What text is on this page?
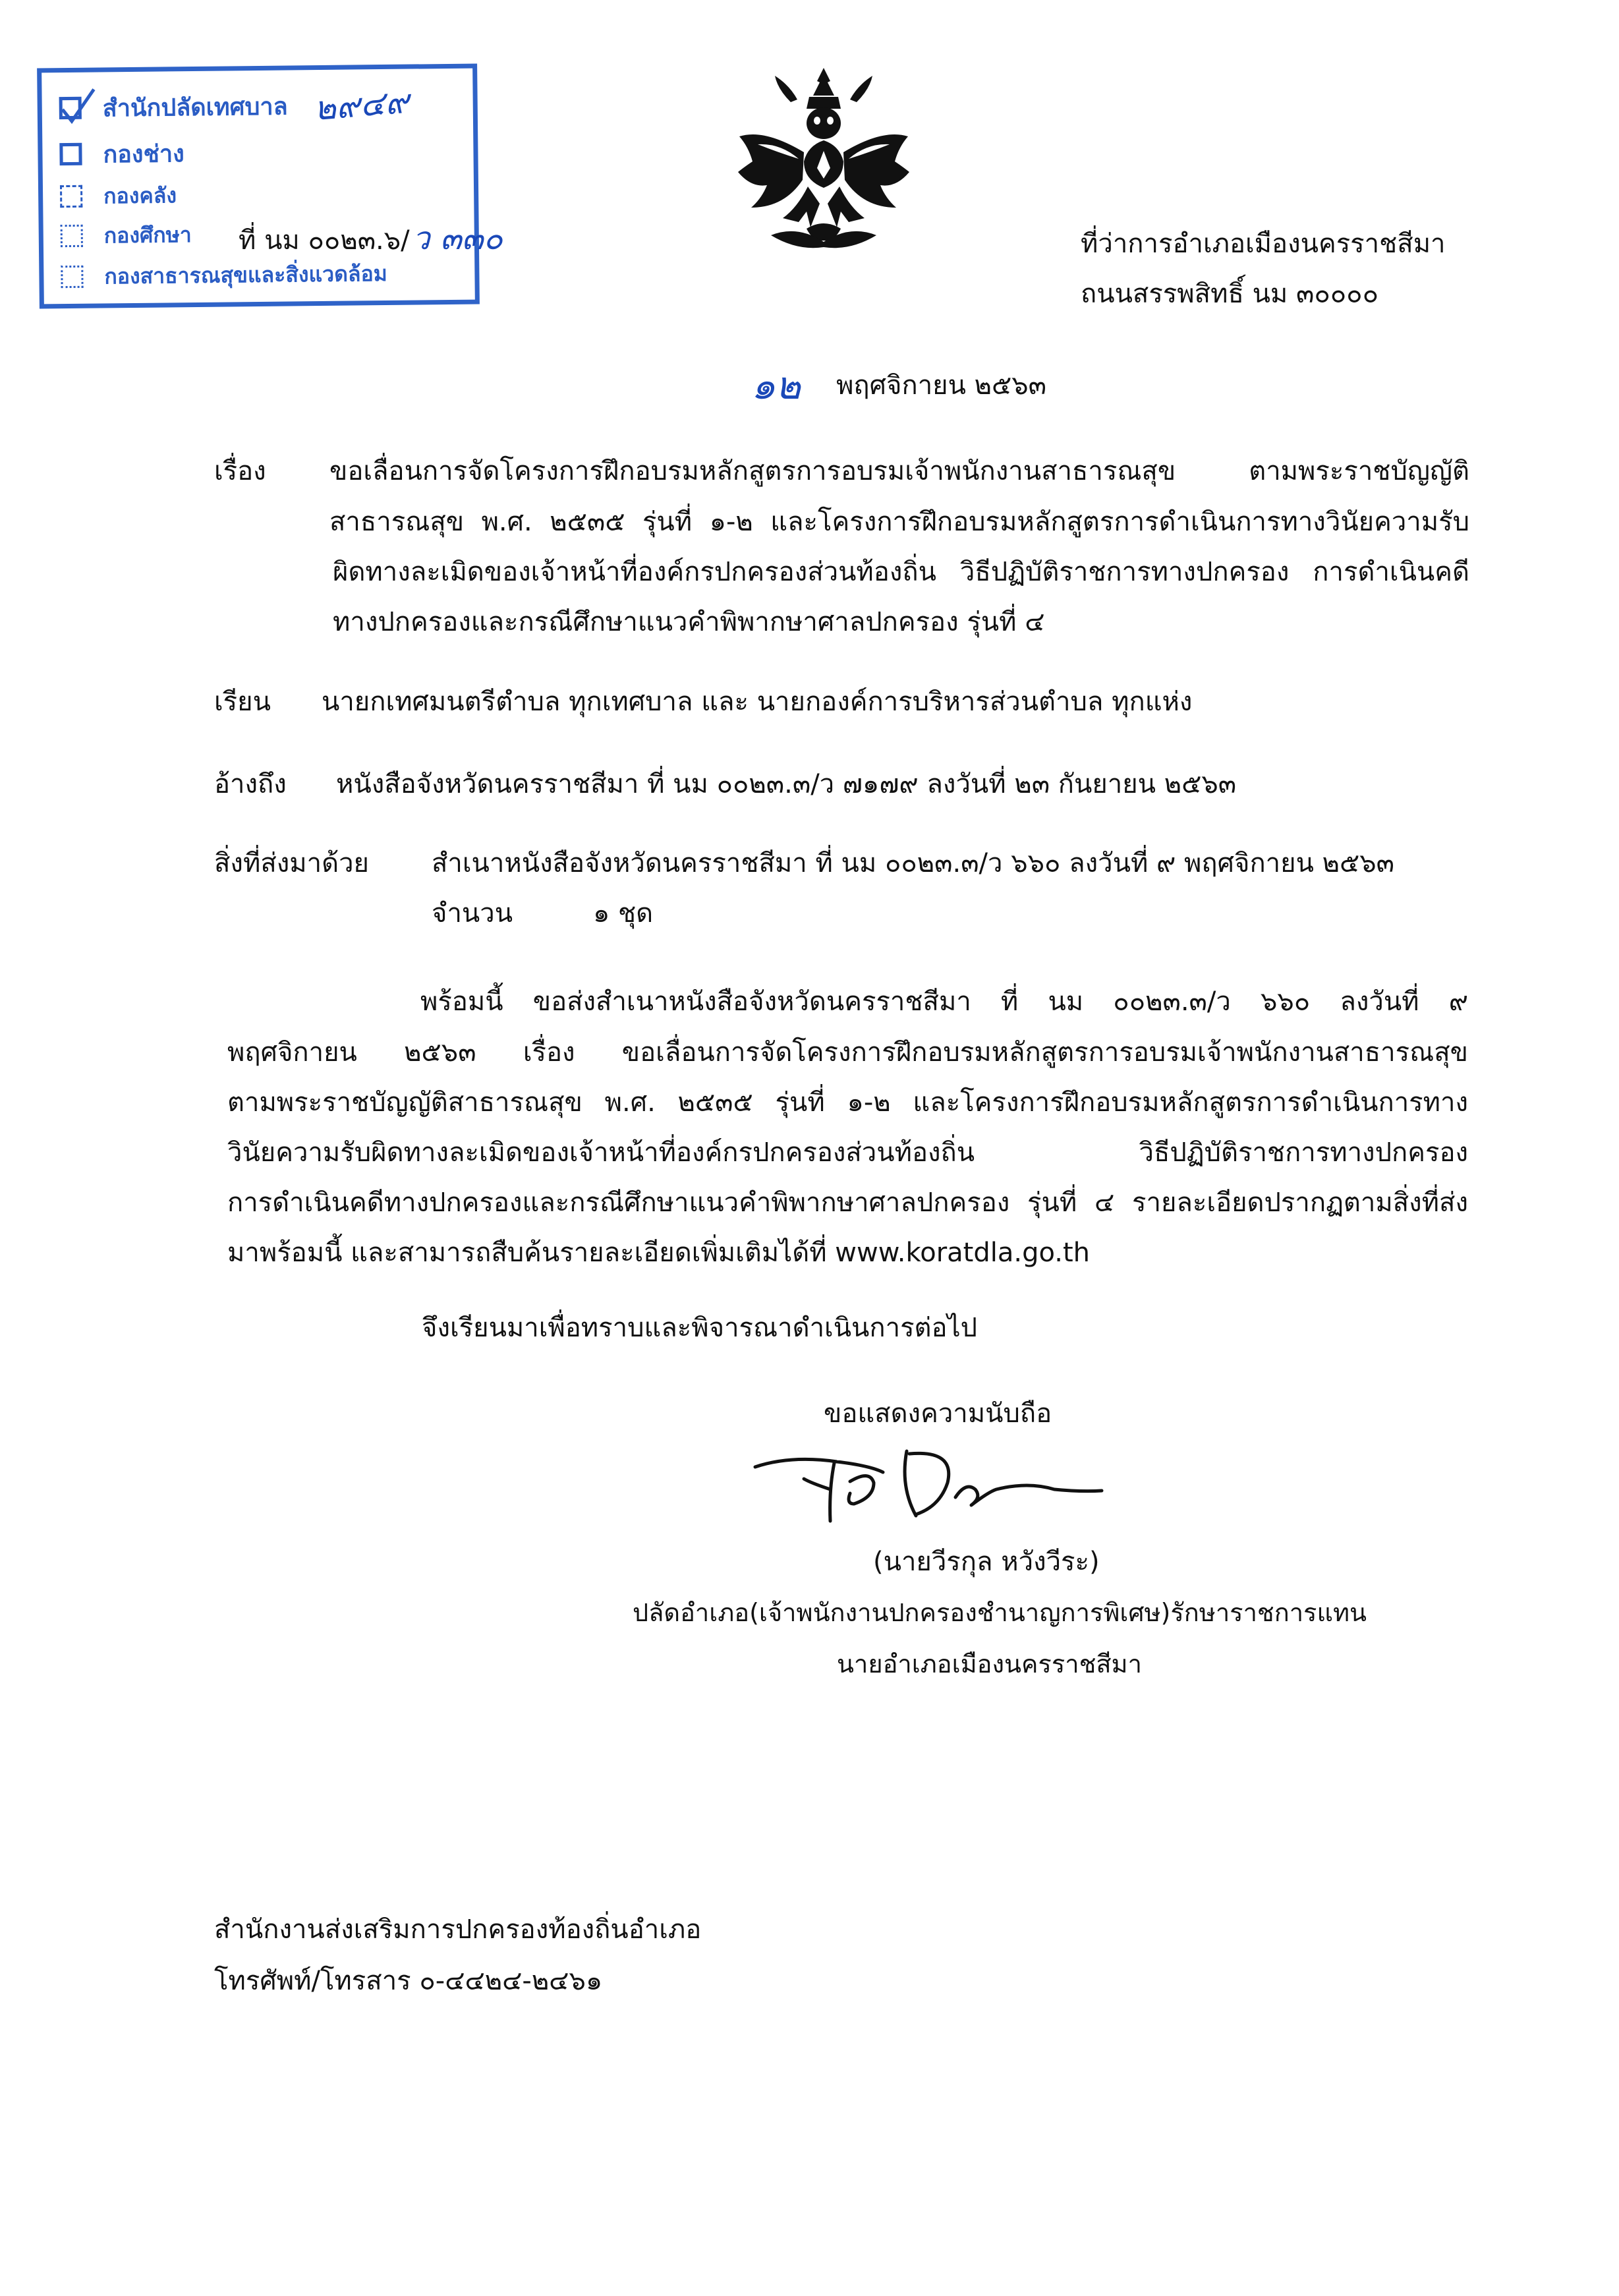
สำนักปลัดเทศบาล ๒๙๔๙
กองช่าง
กองคลัง
กองศึกษา
กองสาธารณสุขและสิ่งแวดล้อม
ที่ นม ๐๐๒๓.๖/ว ๓๓๐	ที่ว่าการอำเภอเมืองนครราชสีมา
ถนนสรรพสิทธิ์ นม ๓๐๐๐๐
๑๒ พฤศจิกายน ๒๕๖๓
เรื่อง ขอเลื่อนการจัดโครงการฝึกอบรมหลักสูตรการอบรมเจ้าพนักงานสาธารณสุข ตามพระราชบัญญัติ
สาธารณสุข พ.ศ. ๒๕๓๕ รุ่นที่ ๑-๒ และโครงการฝึกอบรมหลักสูตรการดำเนินการทางวินัยความรับ
ผิดทางละเมิดของเจ้าหน้าที่องค์กรปกครองส่วนท้องถิ่น วิธีปฏิบัติราชการทางปกครอง การดำเนินคดี
ทางปกครองและกรณีศึกษาแนวคำพิพากษาศาลปกครอง รุ่นที่ ๔
เรียน นายกเทศมนตรีตำบล ทุกเทศบาล และ นายกองค์การบริหารส่วนตำบล ทุกแห่ง
อ้างถึง หนังสือจังหวัดนครราชสีมา ที่ นม ๐๐๒๓.๓/ว ๗๑๗๙ ลงวันที่ ๒๓ กันยายน ๒๕๖๓
สิ่งที่ส่งมาด้วย สำเนาหนังสือจังหวัดนครราชสีมา ที่ นม ๐๐๒๓.๓/ว ๖๖๐ ลงวันที่ ๙ พฤศจิกายน ๒๕๖๓
จำนวน	๑ ชุด
พร้อมนี้ ขอส่งสำเนาหนังสือจังหวัดนครราชสีมา ที่ นม ๐๐๒๓.๓/ว ๖๖๐ ลงวันที่ ๙
พฤศจิกายน ๒๕๖๓ เรื่อง ขอเลื่อนการจัดโครงการฝึกอบรมหลักสูตรการอบรมเจ้าพนักงานสาธารณสุข
ตามพระราชบัญญัติสาธารณสุข พ.ศ. ๒๕๓๕ รุ่นที่ ๑-๒ และโครงการฝึกอบรมหลักสูตรการดำเนินการทาง
วินัยความรับผิดทางละเมิดของเจ้าหน้าที่องค์กรปกครองส่วนท้องถิ่น วิธีปฏิบัติราชการทางปกครอง
การดำเนินคดีทางปกครองและกรณีศึกษาแนวคำพิพากษาศาลปกครอง รุ่นที่ ๔ รายละเอียดปรากฏตามสิ่งที่ส่ง
มาพร้อมนี้ และสามารถสืบค้นรายละเอียดเพิ่มเติมได้ที่ www.koratdla.go.th
จึงเรียนมาเพื่อทราบและพิจารณาดำเนินการต่อไป
ขอแสดงความนับถือ
(นายวีรกุล หวังวีระ)
ปลัดอำเภอ(เจ้าพนักงานปกครองชำนาญการพิเศษ)รักษาราชการแทน
นายอำเภอเมืองนครราชสีมา
สำนักงานส่งเสริมการปกครองท้องถิ่นอำเภอ
โทรศัพท์/โทรสาร ๐-๔๔๒๔-๒๔๖๑
